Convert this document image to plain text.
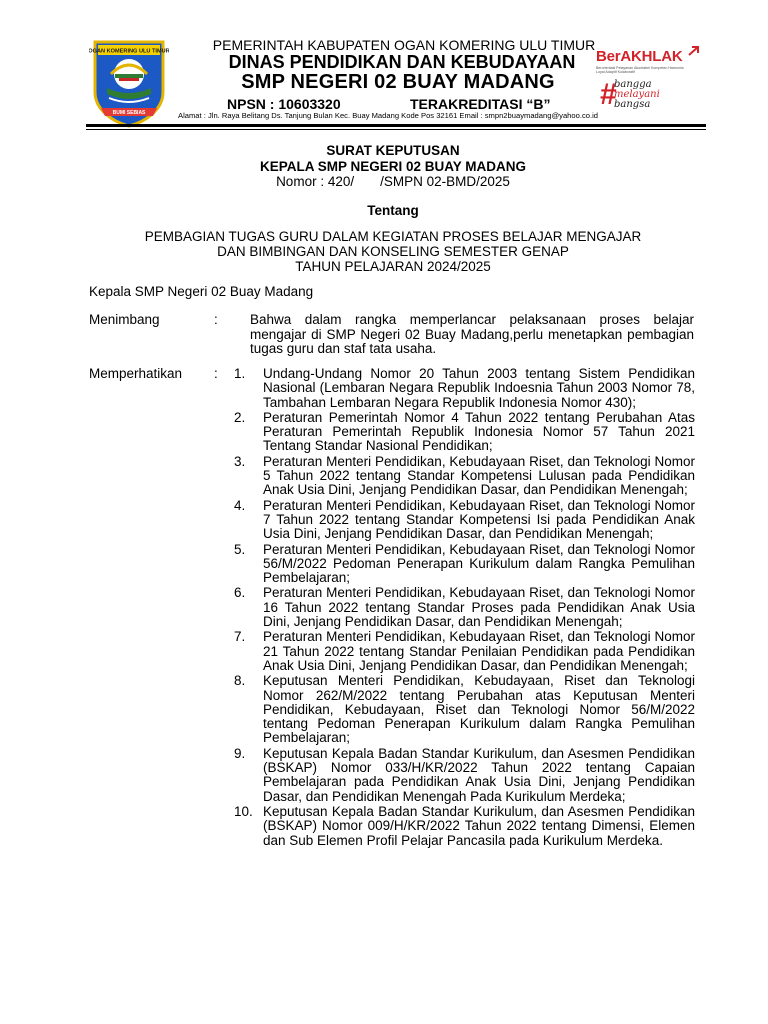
OGAN KOMERING ULU TIMUR
BUMI SEBIAS
BerAKHLAK
Berorientasi Pelayanan Akuntabel Kompeten Harmonis Loyal Adaptif Kolaboratif
#
bangga
melayani
bangsa
PEMERINTAH KABUPATEN OGAN KOMERING ULU TIMUR
DINAS PENDIDIKAN DAN KEBUDAYAAN
SMP NEGERI 02 BUAY MADANG
NPSN : 10603320	TERAKREDITASI “B”
Alamat : Jln. Raya Belitang Ds. Tanjung Bulan Kec. Buay Madang Kode Pos 32161 Email : smpn2buaymadang@yahoo.co.id
SURAT KEPUTUSAN
KEPALA SMP NEGERI 02 BUAY MADANG
Nomor : 420/ /SMPN 02-BMD/2025
Tentang
PEMBAGIAN TUGAS GURU DALAM KEGIATAN PROSES BELAJAR MENGAJAR
DAN BIMBINGAN DAN KONSELING SEMESTER GENAP
TAHUN PELAJARAN 2024/2025
Kepala SMP Negeri 02 Buay Madang
Menimbang	: Bahwa dalam rangka memperlancar pelaksanaan proses belajar mengajar di SMP Negeri 02 Buay Madang,perlu menetapkan pembagian tugas guru dan staf tata usaha.
Memperhatikan : 1. Undang-Undang Nomor 20 Tahun 2003 tentang Sistem Pendidikan Nasional (Lembaran Negara Republik Indoesnia Tahun 2003 Nomor 78, Tambahan Lembaran Negara Republik Indonesia Nomor 430);
2. Peraturan Pemerintah Nomor 4 Tahun 2022 tentang Perubahan Atas Peraturan Pemerintah Republik Indonesia Nomor 57 Tahun 2021 Tentang Standar Nasional Pendidikan;
3. Peraturan Menteri Pendidikan, Kebudayaan Riset, dan Teknologi Nomor 5 Tahun 2022 tentang Standar Kompetensi Lulusan pada Pendidikan Anak Usia Dini, Jenjang Pendidikan Dasar, dan Pendidikan Menengah;
4. Peraturan Menteri Pendidikan, Kebudayaan Riset, dan Teknologi Nomor 7 Tahun 2022 tentang Standar Kompetensi Isi pada Pendidikan Anak Usia Dini, Jenjang Pendidikan Dasar, dan Pendidikan Menengah;
5. Peraturan Menteri Pendidikan, Kebudayaan Riset, dan Teknologi Nomor 56/M/2022 Pedoman Penerapan Kurikulum dalam Rangka Pemulihan Pembelajaran;
6. Peraturan Menteri Pendidikan, Kebudayaan Riset, dan Teknologi Nomor 16 Tahun 2022 tentang Standar Proses pada Pendidikan Anak Usia Dini, Jenjang Pendidikan Dasar, dan Pendidikan Menengah;
7. Peraturan Menteri Pendidikan, Kebudayaan Riset, dan Teknologi Nomor 21 Tahun 2022 tentang Standar Penilaian Pendidikan pada Pendidikan Anak Usia Dini, Jenjang Pendidikan Dasar, dan Pendidikan Menengah;
8. Keputusan Menteri Pendidikan, Kebudayaan, Riset dan Teknologi Nomor 262/M/2022 tentang Perubahan atas Keputusan Menteri Pendidikan, Kebudayaan, Riset dan Teknologi Nomor 56/M/2022 tentang Pedoman Penerapan Kurikulum dalam Rangka Pemulihan Pembelajaran;
9. Keputusan Kepala Badan Standar Kurikulum, dan Asesmen Pendidikan (BSKAP) Nomor 033/H/KR/2022 Tahun 2022 tentang Capaian Pembelajaran pada Pendidikan Anak Usia Dini, Jenjang Pendidikan Dasar, dan Pendidikan Menengah Pada Kurikulum Merdeka;
10. Keputusan Kepala Badan Standar Kurikulum, dan Asesmen Pendidikan (BSKAP) Nomor 009/H/KR/2022 Tahun 2022 tentang Dimensi, Elemen dan Sub Elemen Profil Pelajar Pancasila pada Kurikulum Merdeka.
